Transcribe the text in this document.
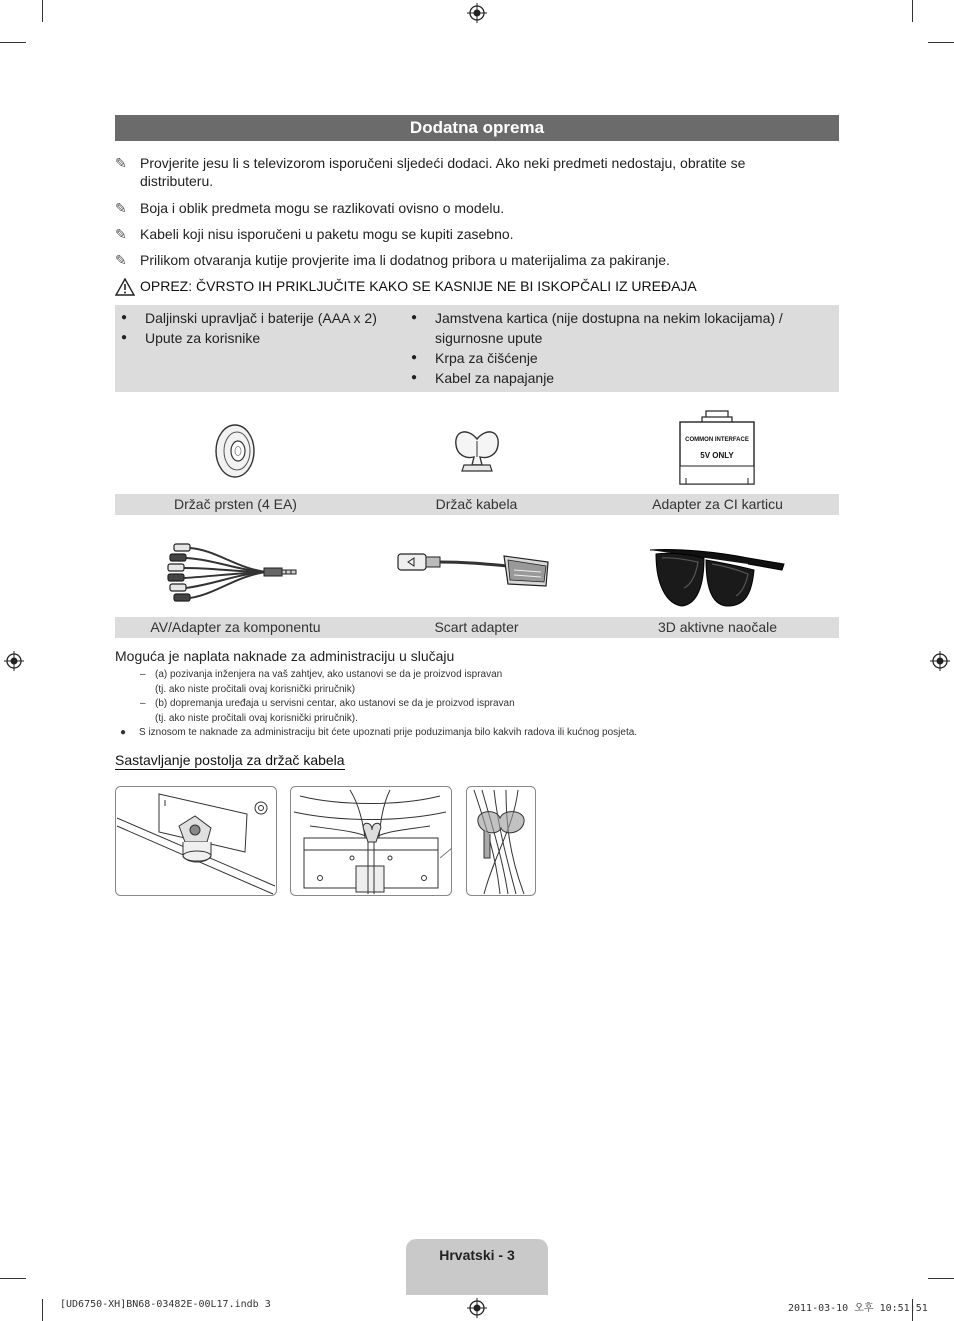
Dodatna oprema
✎ Provjerite jesu li s televizorom isporučeni sljedeći dodaci. Ako neki predmeti nedostaju, obratite se distributeru.
✎ Boja i oblik predmeta mogu se razlikovati ovisno o modelu.
✎ Kabeli koji nisu isporučeni u paketu mogu se kupiti zasebno.
✎ Prilikom otvaranja kutije provjerite ima li dodatnog pribora u materijalima za pakiranje.
OPREZ: ČVRSTO IH PRIKLJUČITE KAKO SE KASNIJE NE BI ISKOPČALI IZ UREĐAJA
● Daljinski upravljač i baterije (AAA x 2)
● Upute za korisnike
● Jamstvena kartica (nije dostupna na nekim lokacijama) / sigurnosne upute
● Krpa za čišćenje
● Kabel za napajanje
COMMON INTERFACE
5V ONLY
Držač prsten (4 EA)	Držač kabela	Adapter za CI karticu
AV/Adapter za komponentu	Scart adapter	3D aktivne naočale
Moguća je naplata naknade za administraciju u slučaju
– (a) pozivanja inženjera na vaš zahtjev, ako ustanovi se da je proizvod ispravan
(tj. ako niste pročitali ovaj korisnički priručnik)
– (b) dopremanja uređaja u servisni centar, ako ustanovi se da je proizvod ispravan
(tj. ako niste pročitali ovaj korisnički priručnik).
● S iznosom te naknade za administraciju bit ćete upoznati prije poduzimanja bilo kakvih radova ili kućnog posjeta.
Sastavljanje postolja za držač kabela
Hrvatski - 3
[UD6750-XH]BN68-03482E-00L17.indb 3	2011-03-10 오후 10:51:51
